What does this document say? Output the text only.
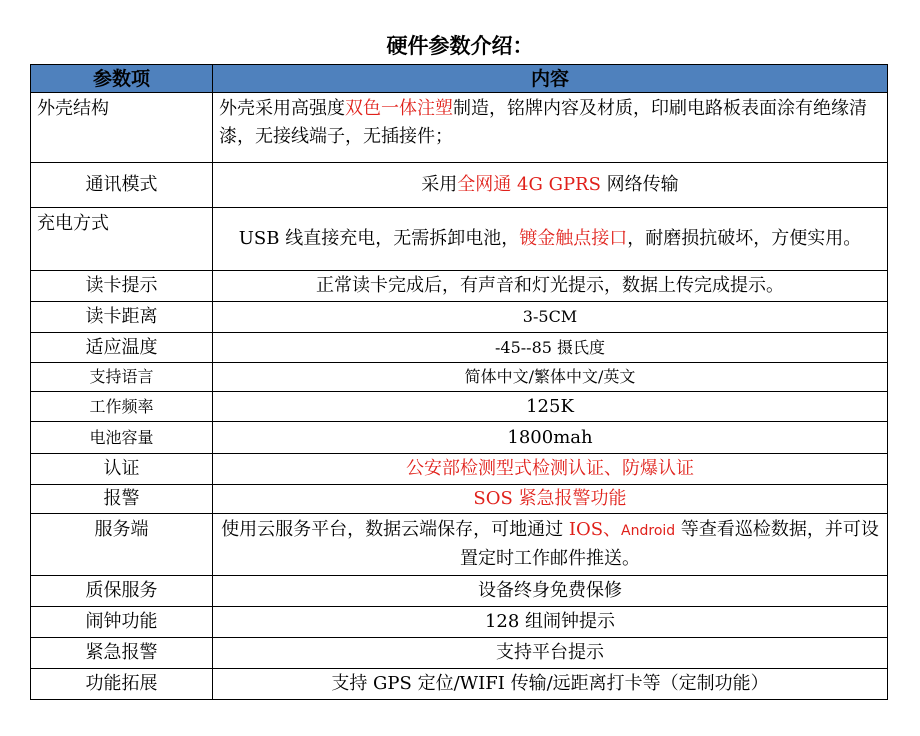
硬件参数介绍：
参数项	内容
外壳结构	外壳采用高强度双色一体注塑制造，铭牌内容及材质，印刷电路板表面涂有绝缘清漆，无接线端子，无插接件；
通讯模式	采用全网通 4G GPRS 网络传输
充电方式	USB 线直接充电，无需拆卸电池，镀金触点接口，耐磨损抗破坏，方便实用。
读卡提示	正常读卡完成后，有声音和灯光提示，数据上传完成提示。
读卡距离	3-5CM
适应温度	-45--85 摄氏度
支持语言	简体中文/繁体中文/英文
工作频率	125K
电池容量	1800mah
认证	公安部检测型式检测认证、防爆认证
报警	SOS 紧急报警功能
服务端	使用云服务平台，数据云端保存，可地通过 IOS、Android 等查看巡检数据，并可设置定时工作邮件推送。
质保服务	设备终身免费保修
闹钟功能	128 组闹钟提示
紧急报警	支持平台提示
功能拓展	支持 GPS 定位/WIFI 传输/远距离打卡等（定制功能）
